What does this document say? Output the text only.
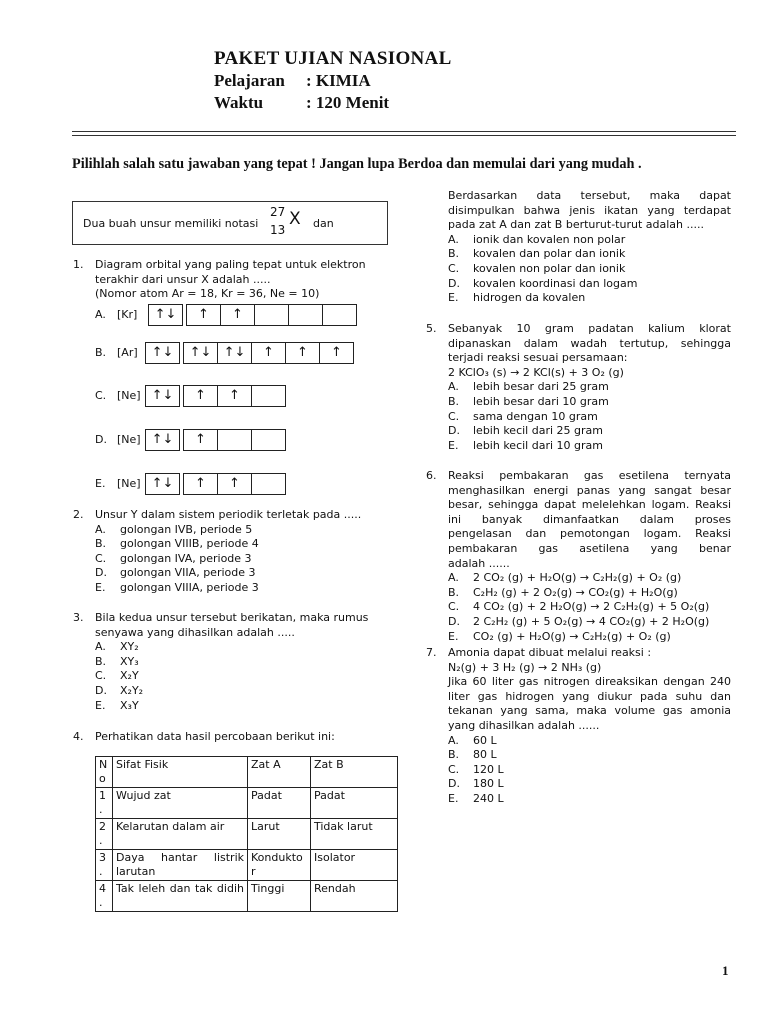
PAKET UJIAN NASIONAL
Pelajaran : KIMIA
Waktu	: 120 Menit
Pilihlah salah satu jawaban yang tepat ! Jangan lupa Berdoa dan memulai dari yang mudah .
Dua buah unsur memiliki notasi
27
13
X dan
1. Diagram orbital yang paling tepat untuk elektron
terakhir dari unsur X adalah .....
(Nomor atom Ar = 18, Kr = 36, Ne = 10)
A. [Kr]	↑↓	↑	↑
B. [Ar]	↑↓	↑↓ ↑↓	↑	↑	↑
C. [Ne] ↑↓	↑	↑
D. [Ne] ↑↓	↑
E. [Ne] ↑↓	↑	↑
2. Unsur Y dalam sistem periodik terletak pada .....
A. golongan IVB, periode 5
B. golongan VIIIB, periode 4
C. golongan IVA, periode 3
D. golongan VIIA, periode 3
E. golongan VIIIA, periode 3
3. Bila kedua unsur tersebut berikatan, maka rumus
senyawa yang dihasilkan adalah .....
A. XY₂
B. XY₃
C. X₂Y
D. X₂Y₂
E. X₃Y
4. Perhatikan data hasil percobaan berikut ini:
N o	Sifat Fisik	Zat A	Zat B
1 .	Wujud zat	Padat	Padat
2 .	Kelarutan dalam air	Larut	Tidak larut
3 .	Daya hantar listrik larutan	Kondukto r	Isolator
4 .	Tak leleh dan tak didih	Tinggi	Rendah
Berdasarkan data tersebut, maka dapat
disimpulkan bahwa jenis ikatan yang terdapat
pada zat A dan zat B berturut-turut adalah .....
A. ionik dan kovalen non polar
B. kovalen dan polar dan ionik
C. kovalen non polar dan ionik
D. kovalen koordinasi dan logam
E. hidrogen da kovalen
5. Sebanyak 10 gram padatan kalium klorat
dipanaskan dalam wadah tertutup, sehingga
terjadi reaksi sesuai persamaan:
2 KClO₃ (s) → 2 KCl(s) + 3 O₂ (g)
A. lebih besar dari 25 gram
B. lebih besar dari 10 gram
C. sama dengan 10 gram
D. lebih kecil dari 25 gram
E. lebih kecil dari 10 gram
6. Reaksi pembakaran gas esetilena ternyata
menghasilkan energi panas yang sangat besar
besar, sehingga dapat melelehkan logam. Reaksi
ini banyak dimanfaatkan dalam proses
pengelasan dan pemotongan logam. Reaksi
pembakaran gas asetilena yang benar
adalah ......
A. 2 CO₂ (g) + H₂O(g) → C₂H₂(g) + O₂ (g)
B. C₂H₂ (g) + 2 O₂(g) → CO₂(g) + H₂O(g)
C. 4 CO₂ (g) + 2 H₂O(g) → 2 C₂H₂(g) + 5 O₂(g)
D. 2 C₂H₂ (g) + 5 O₂(g) → 4 CO₂(g) + 2 H₂O(g)
E. CO₂ (g) + H₂O(g) → C₂H₂(g) + O₂ (g)
7. Amonia dapat dibuat melalui reaksi :
N₂(g) + 3 H₂ (g) → 2 NH₃ (g)
Jika 60 liter gas nitrogen direaksikan dengan 240
liter gas hidrogen yang diukur pada suhu dan
tekanan yang sama, maka volume gas amonia
yang dihasilkan adalah ......
A. 60 L
B. 80 L
C. 120 L
D. 180 L
E. 240 L
1
